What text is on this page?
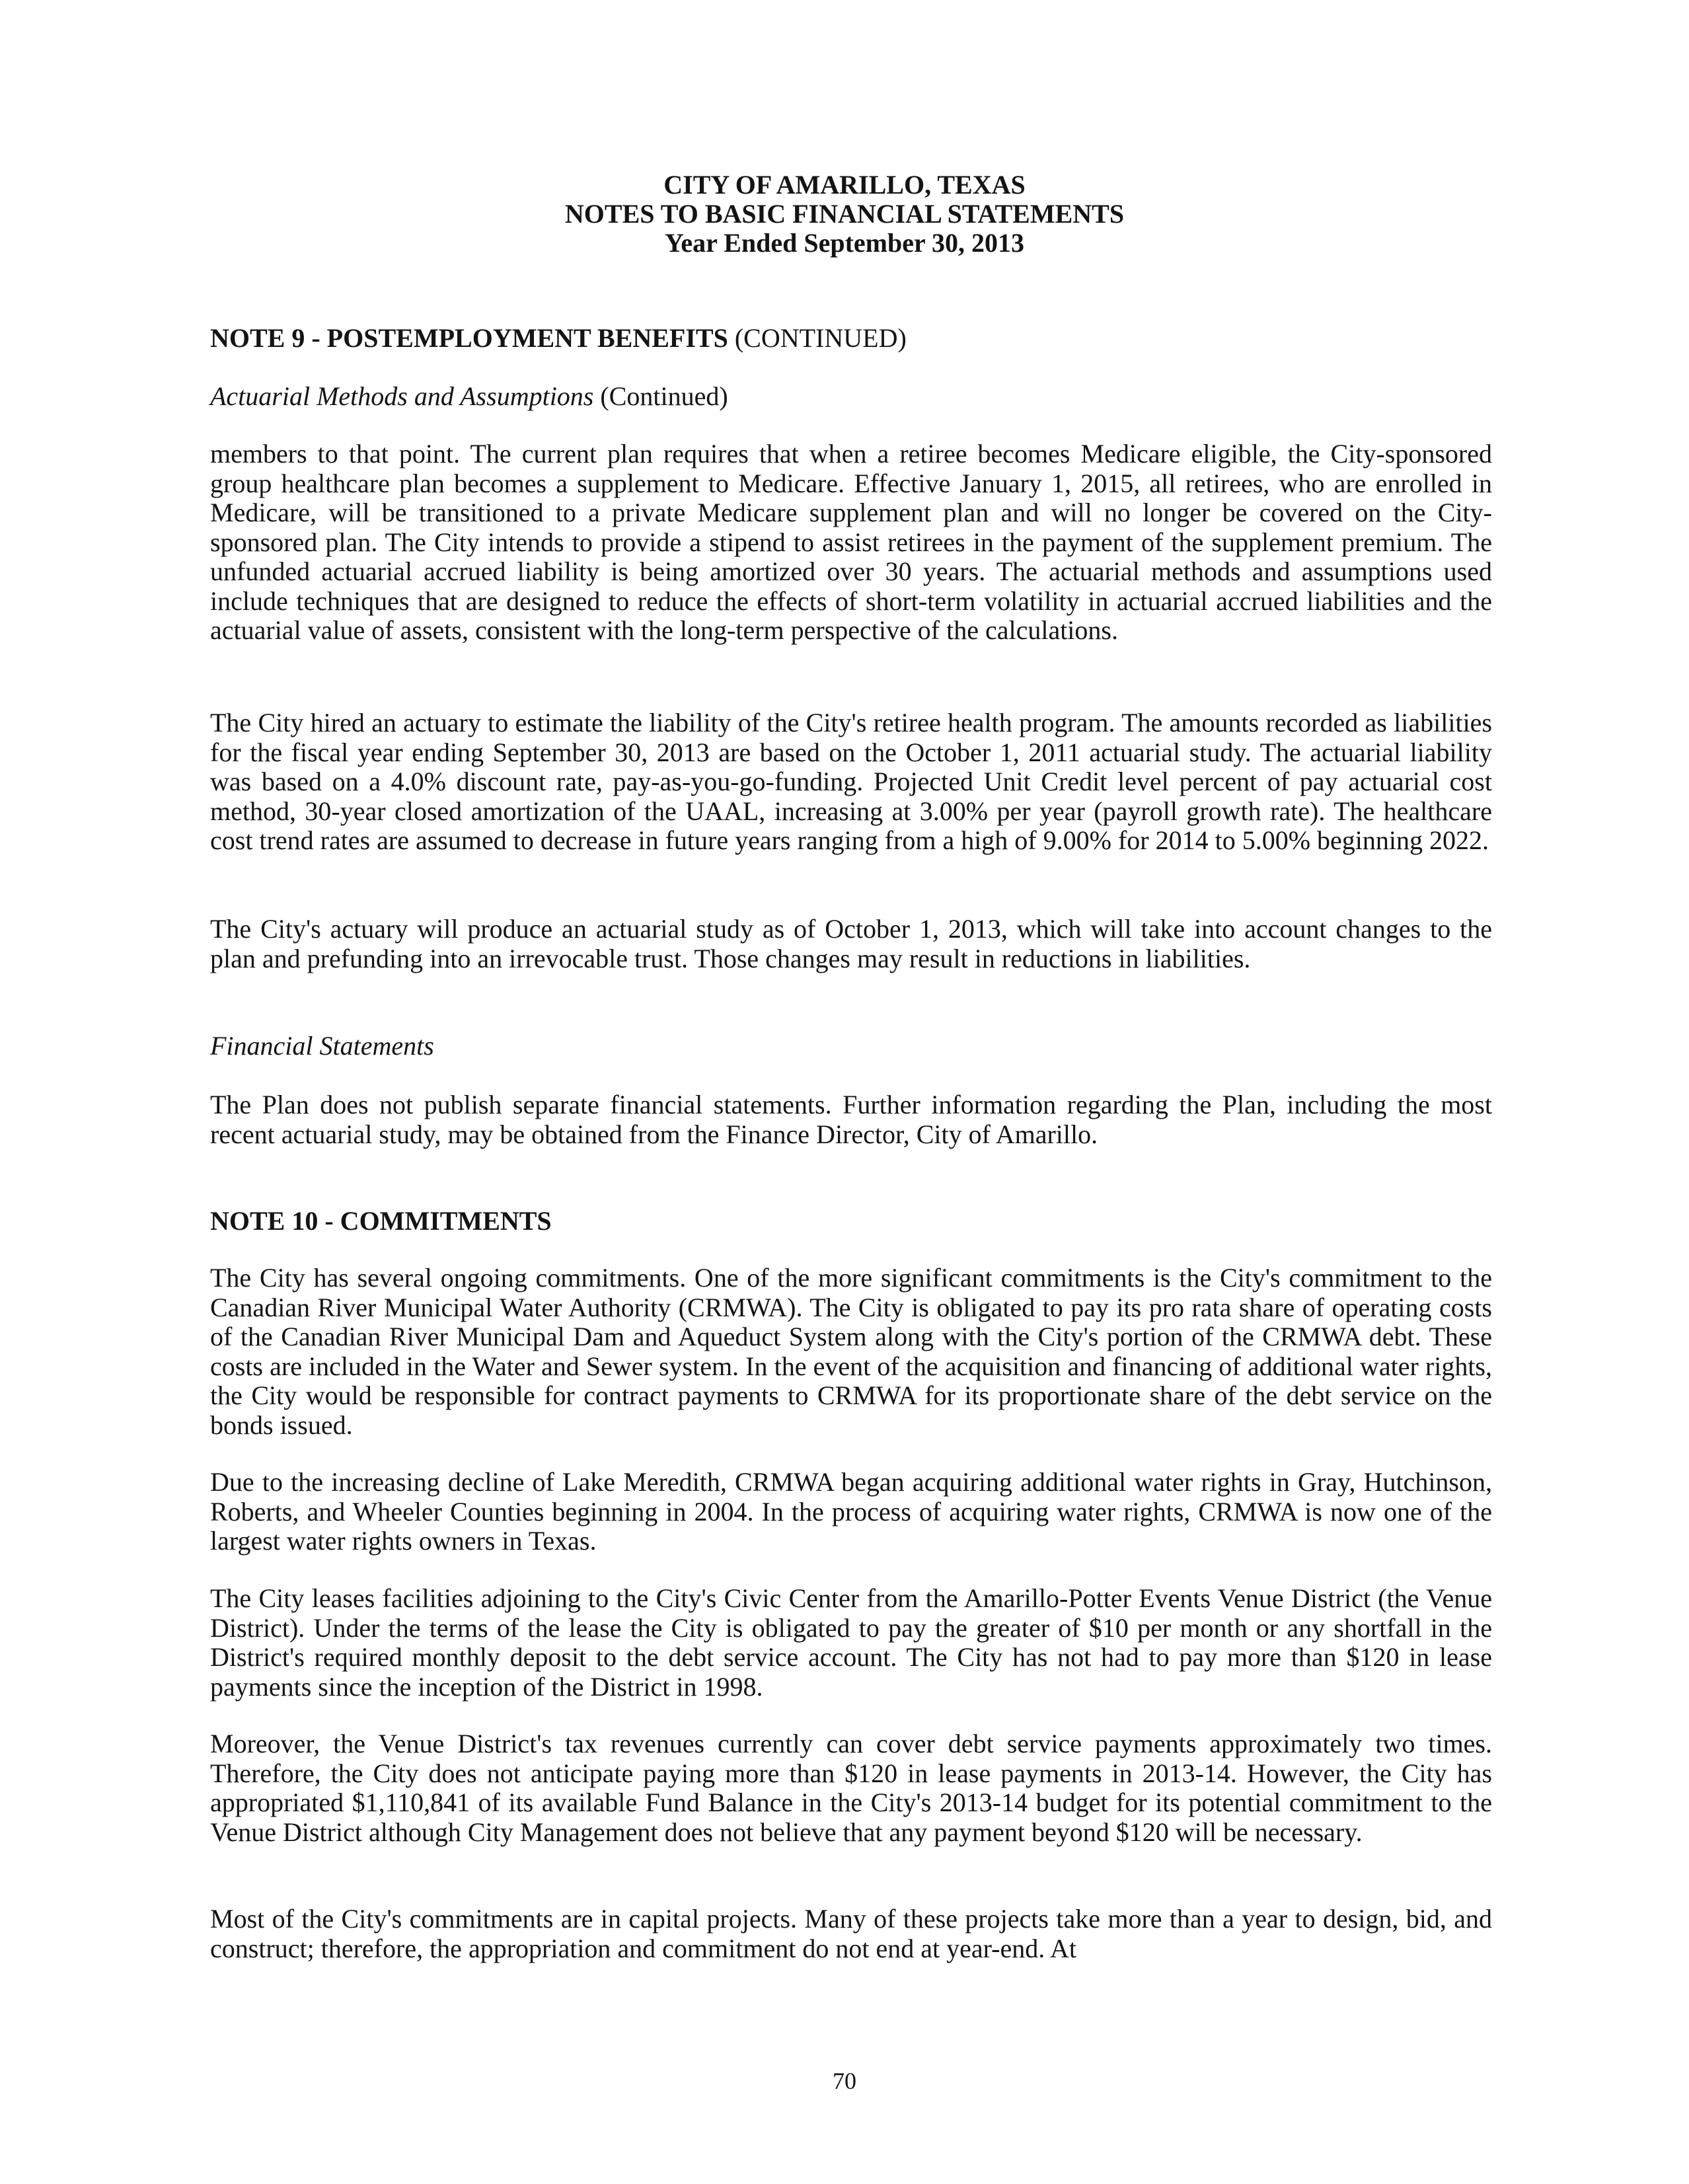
CITY OF AMARILLO, TEXAS
NOTES TO BASIC FINANCIAL STATEMENTS
Year Ended September 30, 2013
NOTE 9 - POSTEMPLOYMENT BENEFITS (CONTINUED)
Actuarial Methods and Assumptions (Continued)

members to that point. The current plan requires that when a retiree becomes Medicare eligible, the City-sponsored group healthcare plan becomes a supplement to Medicare. Effective January 1, 2015, all retirees, who are enrolled in Medicare, will be transitioned to a private Medicare supplement plan and will no longer be covered on the City-sponsored plan. The City intends to provide a stipend to assist retirees in the payment of the supplement premium. The unfunded actuarial accrued liability is being amortized over 30 years. The actuarial methods and assumptions used include techniques that are designed to reduce the effects of short-term volatility in actuarial accrued liabilities and the actuarial value of assets, consistent with the long-term perspective of the calculations.

The City hired an actuary to estimate the liability of the City's retiree health program. The amounts recorded as liabilities for the fiscal year ending September 30, 2013 are based on the October 1, 2011 actuarial study. The actuarial liability was based on a 4.0% discount rate, pay-as-you-go-funding. Projected Unit Credit level percent of pay actuarial cost method, 30-year closed amortization of the UAAL, increasing at 3.00% per year (payroll growth rate). The healthcare cost trend rates are assumed to decrease in future years ranging from a high of 9.00% for 2014 to 5.00% beginning 2022.

The City's actuary will produce an actuarial study as of October 1, 2013, which will take into account changes to the plan and prefunding into an irrevocable trust. Those changes may result in reductions in liabilities.

Financial Statements

The Plan does not publish separate financial statements. Further information regarding the Plan, including the most recent actuarial study, may be obtained from the Finance Director, City of Amarillo.

NOTE 10 - COMMITMENTS

The City has several ongoing commitments. One of the more significant commitments is the City's commitment to the Canadian River Municipal Water Authority (CRMWA). The City is obligated to pay its pro rata share of operating costs of the Canadian River Municipal Dam and Aqueduct System along with the City's portion of the CRMWA debt. These costs are included in the Water and Sewer system. In the event of the acquisition and financing of additional water rights, the City would be responsible for contract payments to CRMWA for its proportionate share of the debt service on the bonds issued.

Due to the increasing decline of Lake Meredith, CRMWA began acquiring additional water rights in Gray, Hutchinson, Roberts, and Wheeler Counties beginning in 2004. In the process of acquiring water rights, CRMWA is now one of the largest water rights owners in Texas.

The City leases facilities adjoining to the City's Civic Center from the Amarillo-Potter Events Venue District (the Venue District). Under the terms of the lease the City is obligated to pay the greater of $10 per month or any shortfall in the District's required monthly deposit to the debt service account. The City has not had to pay more than $120 in lease payments since the inception of the District in 1998.

Moreover, the Venue District's tax revenues currently can cover debt service payments approximately two times. Therefore, the City does not anticipate paying more than $120 in lease payments in 2013-14. However, the City has appropriated $1,110,841 of its available Fund Balance in the City's 2013-14 budget for its potential commitment to the Venue District although City Management does not believe that any payment beyond $120 will be necessary.

Most of the City's commitments are in capital projects. Many of these projects take more than a year to design, bid, and construct; therefore, the appropriation and commitment do not end at year-end. At

70
